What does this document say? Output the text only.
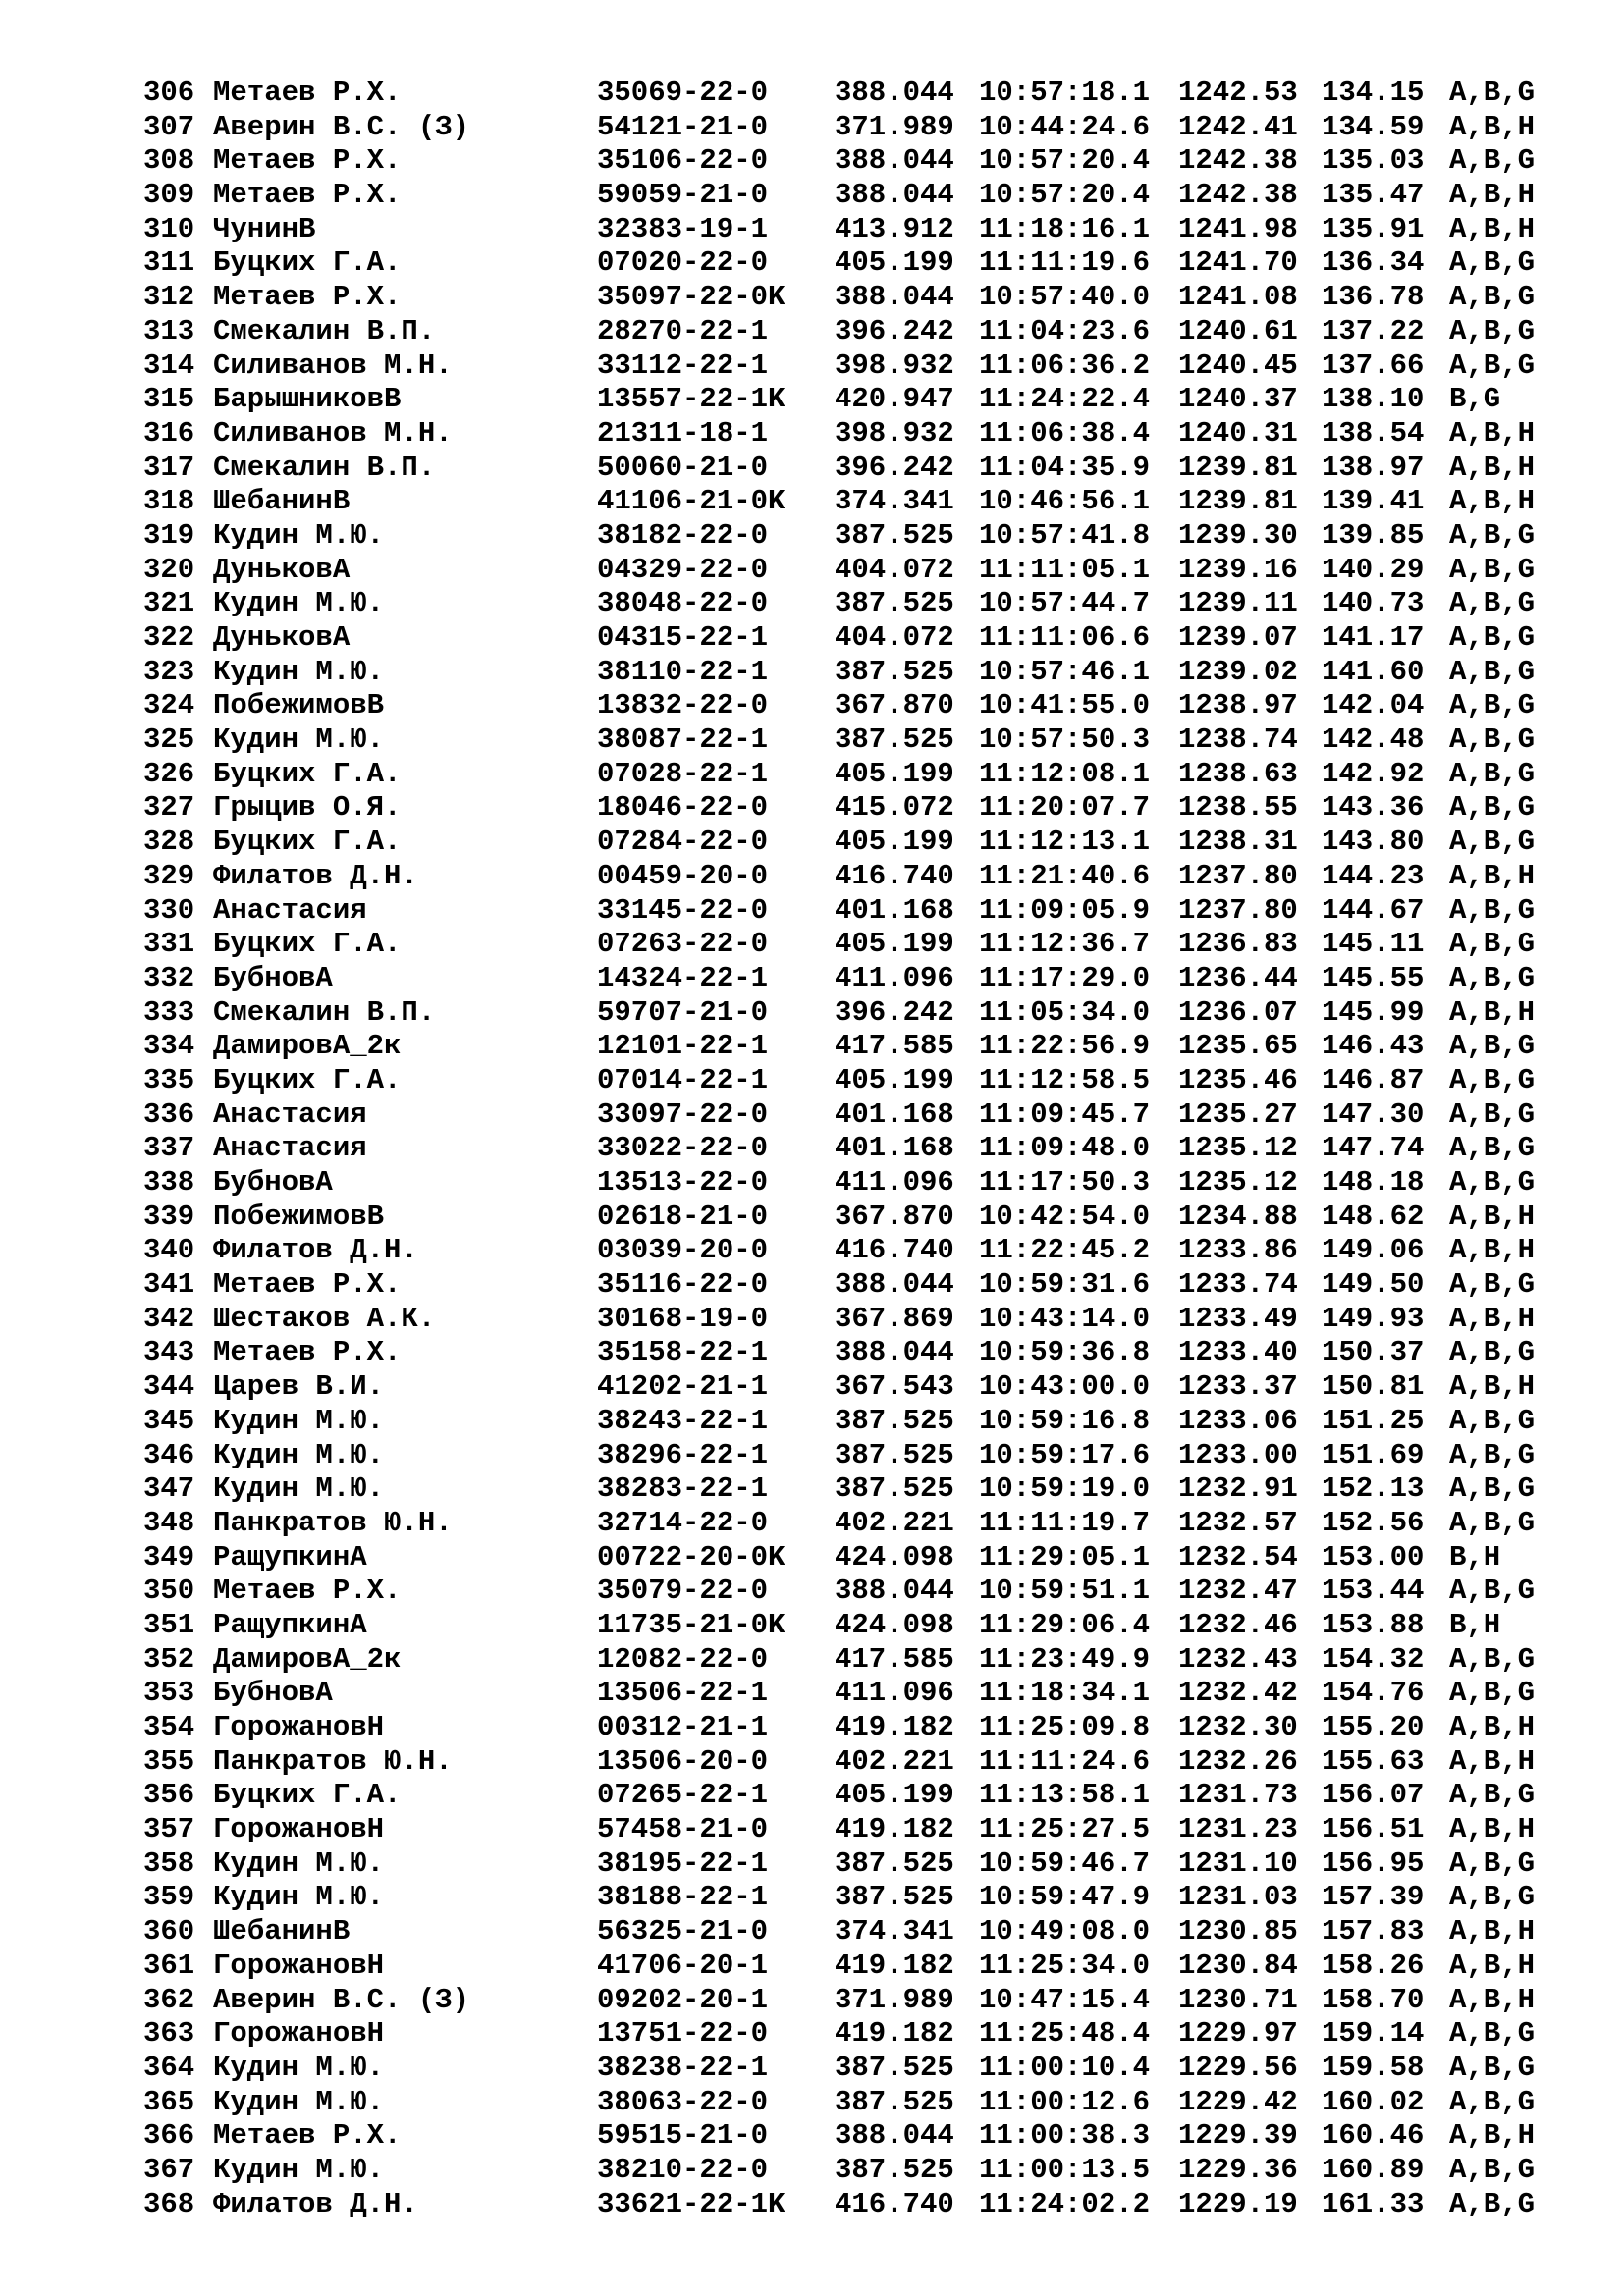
306 Метаев Р.Х.	35069-22-0 388.044 10:57:18.1 1242.53 134.15 A,B,G
307 Аверин В.С. (З)	54121-21-0 371.989 10:44:24.6 1242.41 134.59 A,B,H
308 Метаев Р.Х.	35106-22-0 388.044 10:57:20.4 1242.38 135.03 A,B,G
309 Метаев Р.Х.	59059-21-0 388.044 10:57:20.4 1242.38 135.47 A,B,H
310 ЧунинВ	32383-19-1 413.912 11:18:16.1 1241.98 135.91 A,B,H
311 Буцких Г.А.	07020-22-0 405.199 11:11:19.6 1241.70 136.34 A,B,G
312 Метаев Р.Х.	35097-22-0K 388.044 10:57:40.0 1241.08 136.78 A,B,G
313 Смекалин В.П.	28270-22-1 396.242 11:04:23.6 1240.61 137.22 A,B,G
314 Силиванов М.Н.	33112-22-1 398.932 11:06:36.2 1240.45 137.66 A,B,G
315 БарышниковВ	13557-22-1K 420.947 11:24:22.4 1240.37 138.10 B,G
316 Силиванов М.Н.	21311-18-1 398.932 11:06:38.4 1240.31 138.54 A,B,H
317 Смекалин В.П.	50060-21-0 396.242 11:04:35.9 1239.81 138.97 A,B,H
318 ШебанинВ	41106-21-0K 374.341 10:46:56.1 1239.81 139.41 A,B,H
319 Кудин М.Ю.	38182-22-0 387.525 10:57:41.8 1239.30 139.85 A,B,G
320 ДуньковА	04329-22-0 404.072 11:11:05.1 1239.16 140.29 A,B,G
321 Кудин М.Ю.	38048-22-0 387.525 10:57:44.7 1239.11 140.73 A,B,G
322 ДуньковА	04315-22-1 404.072 11:11:06.6 1239.07 141.17 A,B,G
323 Кудин М.Ю.	38110-22-1 387.525 10:57:46.1 1239.02 141.60 A,B,G
324 ПобежимовВ	13832-22-0 367.870 10:41:55.0 1238.97 142.04 A,B,G
325 Кудин М.Ю.	38087-22-1 387.525 10:57:50.3 1238.74 142.48 A,B,G
326 Буцких Г.А.	07028-22-1 405.199 11:12:08.1 1238.63 142.92 A,B,G
327 Грыцив О.Я.	18046-22-0 415.072 11:20:07.7 1238.55 143.36 A,B,G
328 Буцких Г.А.	07284-22-0 405.199 11:12:13.1 1238.31 143.80 A,B,G
329 Филатов Д.Н.	00459-20-0 416.740 11:21:40.6 1237.80 144.23 A,B,H
330 Анастасия	33145-22-0 401.168 11:09:05.9 1237.80 144.67 A,B,G
331 Буцких Г.А.	07263-22-0 405.199 11:12:36.7 1236.83 145.11 A,B,G
332 БубновА	14324-22-1 411.096 11:17:29.0 1236.44 145.55 A,B,G
333 Смекалин В.П.	59707-21-0 396.242 11:05:34.0 1236.07 145.99 A,B,H
334 ДамировА_2к	12101-22-1 417.585 11:22:56.9 1235.65 146.43 A,B,G
335 Буцких Г.А.	07014-22-1 405.199 11:12:58.5 1235.46 146.87 A,B,G
336 Анастасия	33097-22-0 401.168 11:09:45.7 1235.27 147.30 A,B,G
337 Анастасия	33022-22-0 401.168 11:09:48.0 1235.12 147.74 A,B,G
338 БубновА	13513-22-0 411.096 11:17:50.3 1235.12 148.18 A,B,G
339 ПобежимовВ	02618-21-0 367.870 10:42:54.0 1234.88 148.62 A,B,H
340 Филатов Д.Н.	03039-20-0 416.740 11:22:45.2 1233.86 149.06 A,B,H
341 Метаев Р.Х.	35116-22-0 388.044 10:59:31.6 1233.74 149.50 A,B,G
342 Шестаков А.К.	30168-19-0 367.869 10:43:14.0 1233.49 149.93 A,B,H
343 Метаев Р.Х.	35158-22-1 388.044 10:59:36.8 1233.40 150.37 A,B,G
344 Царев В.И.	41202-21-1 367.543 10:43:00.0 1233.37 150.81 A,B,H
345 Кудин М.Ю.	38243-22-1 387.525 10:59:16.8 1233.06 151.25 A,B,G
346 Кудин М.Ю.	38296-22-1 387.525 10:59:17.6 1233.00 151.69 A,B,G
347 Кудин М.Ю.	38283-22-1 387.525 10:59:19.0 1232.91 152.13 A,B,G
348 Панкратов Ю.Н.	32714-22-0 402.221 11:11:19.7 1232.57 152.56 A,B,G
349 РащупкинА	00722-20-0K 424.098 11:29:05.1 1232.54 153.00 B,H
350 Метаев Р.Х.	35079-22-0 388.044 10:59:51.1 1232.47 153.44 A,B,G
351 РащупкинА	11735-21-0K 424.098 11:29:06.4 1232.46 153.88 B,H
352 ДамировА_2к	12082-22-0 417.585 11:23:49.9 1232.43 154.32 A,B,G
353 БубновА	13506-22-1 411.096 11:18:34.1 1232.42 154.76 A,B,G
354 ГорожановН	00312-21-1 419.182 11:25:09.8 1232.30 155.20 A,B,H
355 Панкратов Ю.Н.	13506-20-0 402.221 11:11:24.6 1232.26 155.63 A,B,H
356 Буцких Г.А.	07265-22-1 405.199 11:13:58.1 1231.73 156.07 A,B,G
357 ГорожановН	57458-21-0 419.182 11:25:27.5 1231.23 156.51 A,B,H
358 Кудин М.Ю.	38195-22-1 387.525 10:59:46.7 1231.10 156.95 A,B,G
359 Кудин М.Ю.	38188-22-1 387.525 10:59:47.9 1231.03 157.39 A,B,G
360 ШебанинВ	56325-21-0 374.341 10:49:08.0 1230.85 157.83 A,B,H
361 ГорожановН	41706-20-1 419.182 11:25:34.0 1230.84 158.26 A,B,H
362 Аверин В.С. (З)	09202-20-1 371.989 10:47:15.4 1230.71 158.70 A,B,H
363 ГорожановН	13751-22-0 419.182 11:25:48.4 1229.97 159.14 A,B,G
364 Кудин М.Ю.	38238-22-1 387.525 11:00:10.4 1229.56 159.58 A,B,G
365 Кудин М.Ю.	38063-22-0 387.525 11:00:12.6 1229.42 160.02 A,B,G
366 Метаев Р.Х.	59515-21-0 388.044 11:00:38.3 1229.39 160.46 A,B,H
367 Кудин М.Ю.	38210-22-0 387.525 11:00:13.5 1229.36 160.89 A,B,G
368 Филатов Д.Н.	33621-22-1K 416.740 11:24:02.2 1229.19 161.33 A,B,G
